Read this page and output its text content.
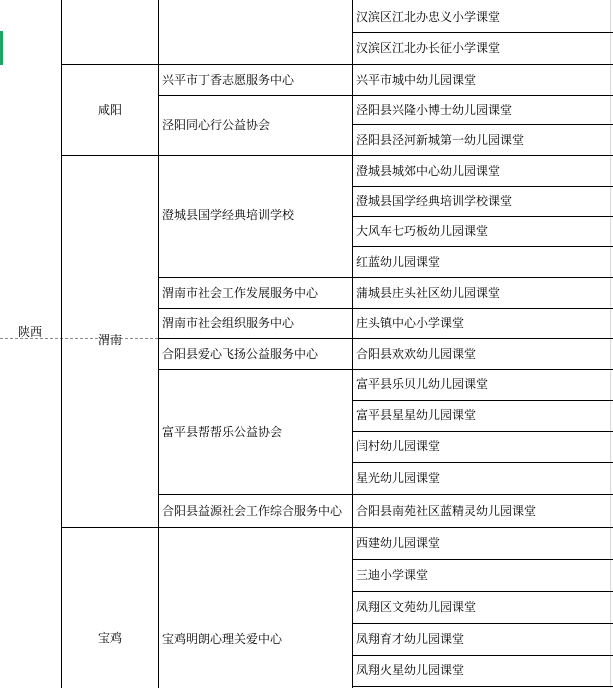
陕西
咸阳
渭南
宝鸡
兴平市丁香志愿服务中心
泾阳同心行公益协会
澄城县国学经典培训学校
渭南市社会工作发展服务中心
渭南市社会组织服务中心
合阳县爱心飞扬公益服务中心
富平县帮帮乐公益协会
合阳县益源社会工作综合服务中心
宝鸡明朗心理关爱中心
汉滨区江北办忠义小学课堂
汉滨区江北办长征小学课堂
兴平市城中幼儿园课堂
泾阳县兴隆小博士幼儿园课堂
泾阳县泾河新城第一幼儿园课堂
澄城县城郊中心幼儿园课堂
澄城县国学经典培训学校课堂
大风车七巧板幼儿园课堂
红蓝幼儿园课堂
蒲城县庄头社区幼儿园课堂
庄头镇中心小学课堂
合阳县欢欢幼儿园课堂
富平县乐贝儿幼儿园课堂
富平县星星幼儿园课堂
闫村幼儿园课堂
星光幼儿园课堂
合阳县南苑社区蓝精灵幼儿园课堂
西建幼儿园课堂
三迪小学课堂
凤翔区文苑幼儿园课堂
凤翔育才幼儿园课堂
凤翔火星幼儿园课堂
